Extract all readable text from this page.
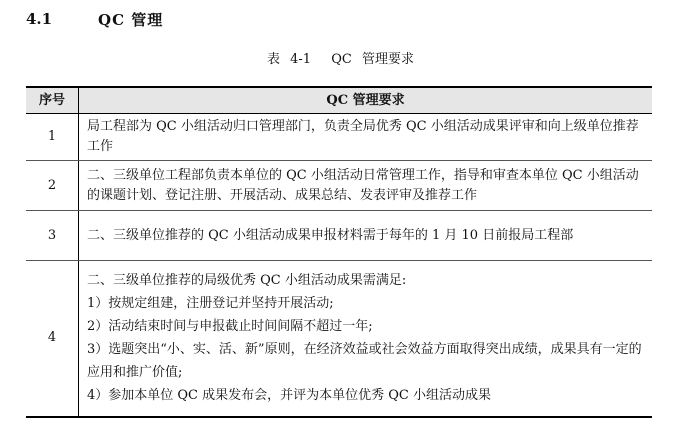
4.1	QC 管理
表 4-1 QC 管理要求
序号	QC 管理要求
1	局工程部为 QC 小组活动归口管理部门，负责全局优秀 QC 小组活动成果评审和向上级单位推荐工作

2	二、三级单位工程部负责本单位的 QC 小组活动日常管理工作，指导和审查本单位 QC 小组活动的课题计划、登记注册、开展活动、成果总结、发表评审及推荐工作

3	二、三级单位推荐的 QC 小组活动成果申报材料需于每年的 1 月 10 日前报局工程部

4	二、三级单位推荐的局级优秀 QC 小组活动成果需满足:
1）按规定组建，注册登记并坚持开展活动;
2）活动结束时间与申报截止时间间隔不超过一年;
3）选题突出“小、实、活、新”原则，在经济效益或社会效益方面取得突出成绩，成果具有一定的应用和推广价值;
4）参加本单位 QC 成果发布会，并评为本单位优秀 QC 小组活动成果
